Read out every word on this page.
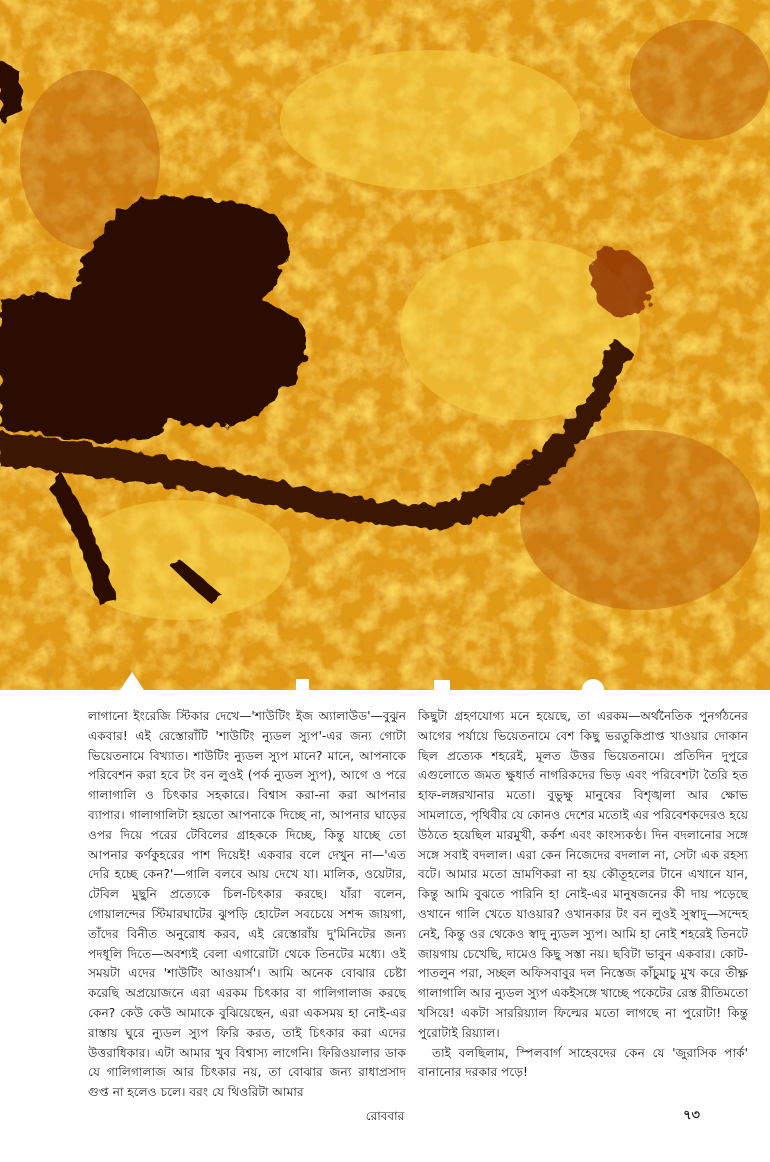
লাগানো ইংরেজি স্টিকার দেখে—'শাউটিং ইজ অ্যালাউড'—বুঝুন একবার! এই রেস্তোরাঁটি 'শাউটিং ন্যুডল স্যুপ'-এর জন্য গোটা ভিয়েতনামে বিখ্যাত। শাউটিং ন্যুডল স্যুপ মানে? মানে, আপনাকে পরিবেশন করা হবে টং বন লুওই (পর্ক ন্যুডল স্যুপ), আগে ও পরে গালাগালি ও চিৎকার সহকারে। বিশ্বাস করা-না করা আপনার ব্যাপার। গালাগালিটা হয়তো আপনাকে দিচ্ছে না, আপনার ঘাড়ের ওপর দিয়ে পরের টেবিলের গ্রাহককে দিচ্ছে, কিন্তু যাচ্ছে তো আপনার কর্ণকুহরের পাশ দিয়েই! একবার বলে দেখুন না—'এত দেরি হচ্ছে কেন?'—গালি বলবে আয় দেখে যা। মালিক, ওয়েটার, টেবিল মুছুনি প্রত্যেকে চিল-চিৎকার করছে। যাঁরা বলেন, গোয়ালন্দের স্টিমারঘাটের ঝুপড়ি হোটেল সবচেয়ে সশব্দ জায়গা, তাঁদের বিনীত অনুরোধ করব, এই রেস্তোরাঁয় দু'মিনিটের জন্য পদধূলি দিতে—অবশ্যই বেলা এগারোটা থেকে তিনটের মধ্যে। ওই সময়টা এদের 'শাউটিং আওয়ার্স'। আমি অনেক বোঝার চেষ্টা করেছি অপ্রয়োজনে এরা এরকম চিৎকার বা গালিগালাজ করছে কেন? কেউ কেউ আমাকে বুঝিয়েছেন, এরা একসময় হা নোই-এর রাস্তায় ঘুরে ন্যুডল স্যুপ ফিরি করত, তাই চিৎকার করা এদের উত্তরাধিকার। এটা আমার খুব বিশ্বাস্য লাগেনি। ফিরিওয়ালার ডাক যে গালিগালাজ আর চিৎকার নয়, তা বোঝার জন্য রাধাপ্রসাদ গুপ্ত না হলেও চলে। বরং যে থিওরিটা আমার

কিছুটা গ্রহণযোগ্য মনে হয়েছে, তা এরকম—অর্থনৈতিক পুনর্গঠনের আগের পর্যায়ে ভিয়েতনামে বেশ কিছু ভরতুকিপ্রাপ্ত খাওয়ার দোকান ছিল প্রত্যেক শহরেই, মূলত উত্তর ভিয়েতনামে। প্রতিদিন দুপুরে এগুলোতে জমত ক্ষুধার্ত নাগরিকদের ভিড় এবং পরিবেশটা তৈরি হত হাফ-লঙ্গরখানার মতো। বুভুক্ষু মানুষের বিশৃঙ্খলা আর ক্ষোভ সামলাতে, পৃথিবীর যে কোনও দেশের মতোই এর পরিবেশকদেরও হয়ে উঠতে হয়েছিল মারমুখী, কর্কশ এবং কাংস্যকণ্ঠ। দিন বদলানোর সঙ্গে সঙ্গে সবাই বদলাল। এরা কেন নিজেদের বদলাল না, সেটা এক রহস্য বটে। আমার মতো ভ্রামণিকরা না হয় কৌতূহলের টানে এখানে যান, কিন্তু আমি বুঝতে পারিনি হা নোই-এর মানুষজনের কী দায় পড়েছে ওখানে গালি খেতে যাওয়ার? ওখানকার টং বন লুওই সুস্বাদু—সন্দেহ নেই, কিন্তু ওর থেকেও স্বাদু ন্যুডল স্যুপ। আমি হা নোই শহরেই তিনটে জায়গায় চেখেছি, দামেও কিছু সস্তা নয়। ছবিটা ভাবুন একবার। কোট-পাতলুন পরা, সচ্ছল অফিসবাবুর দল নিস্তেজ কাঁচুমাচু মুখ করে তীক্ষ্ণ গালাগালি আর ন্যুডল স্যুপ একইসঙ্গে খাচ্ছে পকেটের রেস্ত রীতিমতো খসিয়ে! একটা সাররিয়্যাল ফিল্মের মতো লাগছে না পুরোটা! কিন্তু পুরোটাই রিয়্যাল।

তাই বলছিলাম, স্পিলবার্গ সাহেবদের কেন যে 'জুরাসিক পার্ক' বানানোর দরকার পড়ে!

রোববার	৭৩
